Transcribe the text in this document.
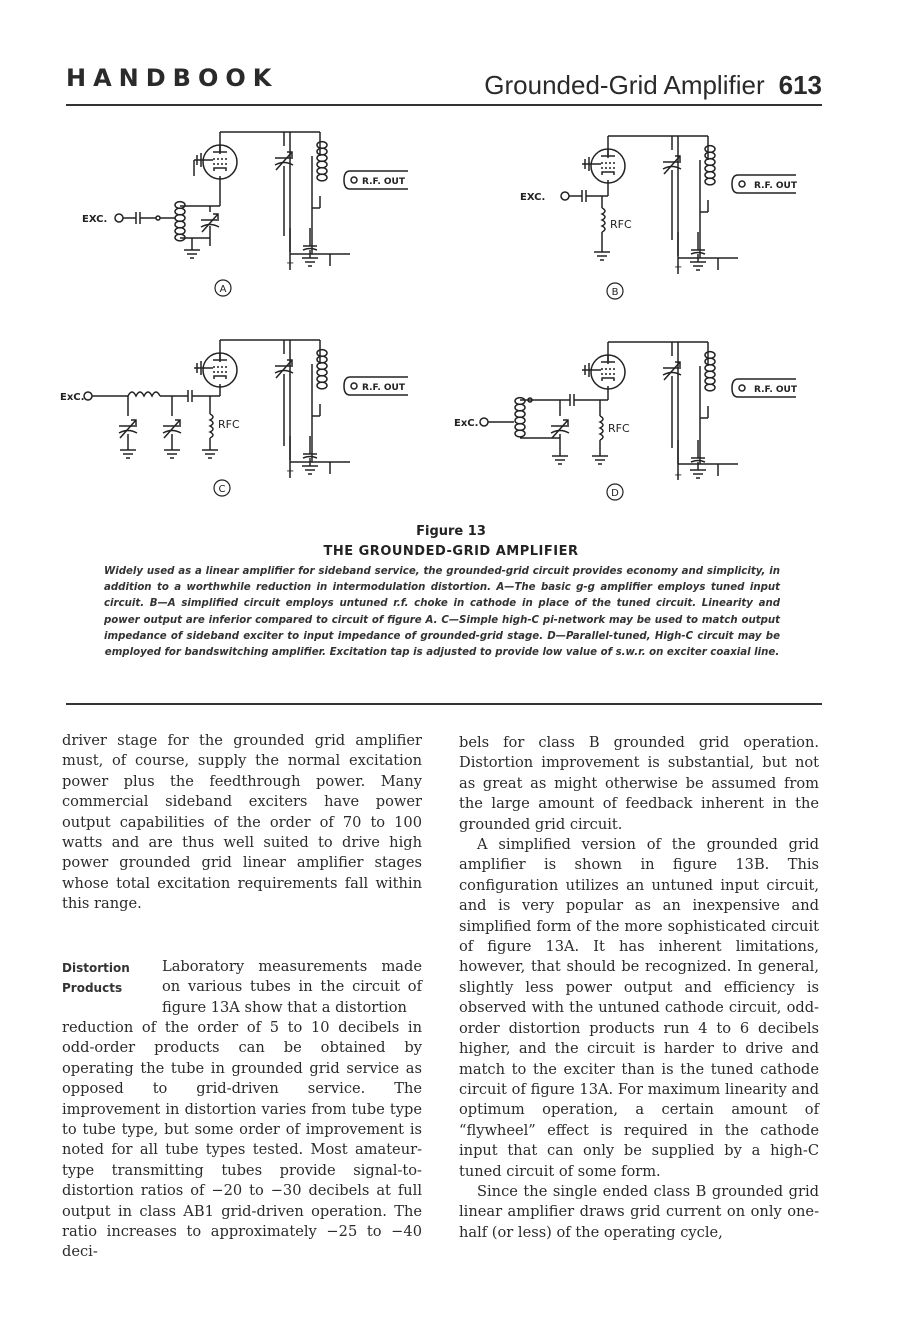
HANDBOOK	Grounded-Grid Amplifier 613
EXC.
EXC.
ExC.
ExC.
R.F. OUT	R.F. OUT
R.F. OUT	R.F. OUT
RFC
RFC	RFC
+	+
+	+
A	B
C	D
Figure 13
THE GROUNDED-GRID AMPLIFIER
Widely used as a linear amplifier for sideband service, the grounded-grid circuit provides economy and simplicity, in addition to a worthwhile reduction in intermodulation distortion. A—The basic g-g amplifier employs tuned input circuit. B—A simplified circuit employs untuned r.f. choke in cathode in place of the tuned circuit. Linearity and power output are inferior compared to circuit of figure A. C—Simple high-C pi-network may be used to match output impedance of sideband exciter to input impedance of grounded-grid stage. D—Parallel-tuned, High-C circuit may be employed for bandswitching amplifier. Excitation tap is adjusted to provide low value of s.w.r. on exciter coaxial line.

driver stage for the grounded grid amplifier must, of course, supply the normal excitation power plus the feedthrough power. Many commercial sideband exciters have power output capabilities of the order of 70 to 100 watts and are thus well suited to drive high power grounded grid linear amplifier stages whose total excitation requirements fall within this range.

Distortion
Products

Laboratory measurements made on various tubes in the circuit of figure 13A show that a distortion

reduction of the order of 5 to 10 decibels in odd-order products can be obtained by operating the tube in grounded grid service as opposed to grid-driven service. The improvement in distortion varies from tube type to tube type, but some order of improvement is noted for all tube types tested. Most amateur-type transmitting tubes provide signal-to-distortion ratios of −20 to −30 decibels at full output in class AB1 grid-driven operation. The ratio increases to approximately −25 to −40 deci-

bels for class B grounded grid operation. Distortion improvement is substantial, but not as great as might otherwise be assumed from the large amount of feedback inherent in the grounded grid circuit.

A simplified version of the grounded grid amplifier is shown in figure 13B. This configuration utilizes an untuned input circuit, and is very popular as an inexpensive and simplified form of the more sophisticated circuit of figure 13A. It has inherent limitations, however, that should be recognized. In general, slightly less power output and efficiency is observed with the untuned cathode circuit, odd-order distortion products run 4 to 6 decibels higher, and the circuit is harder to drive and match to the exciter than is the tuned cathode circuit of figure 13A. For maximum linearity and optimum operation, a certain amount of “flywheel” effect is required in the cathode input that can only be supplied by a high-C tuned circuit of some form.

Since the single ended class B grounded grid linear amplifier draws grid current on only one-half (or less) of the operating cycle,
